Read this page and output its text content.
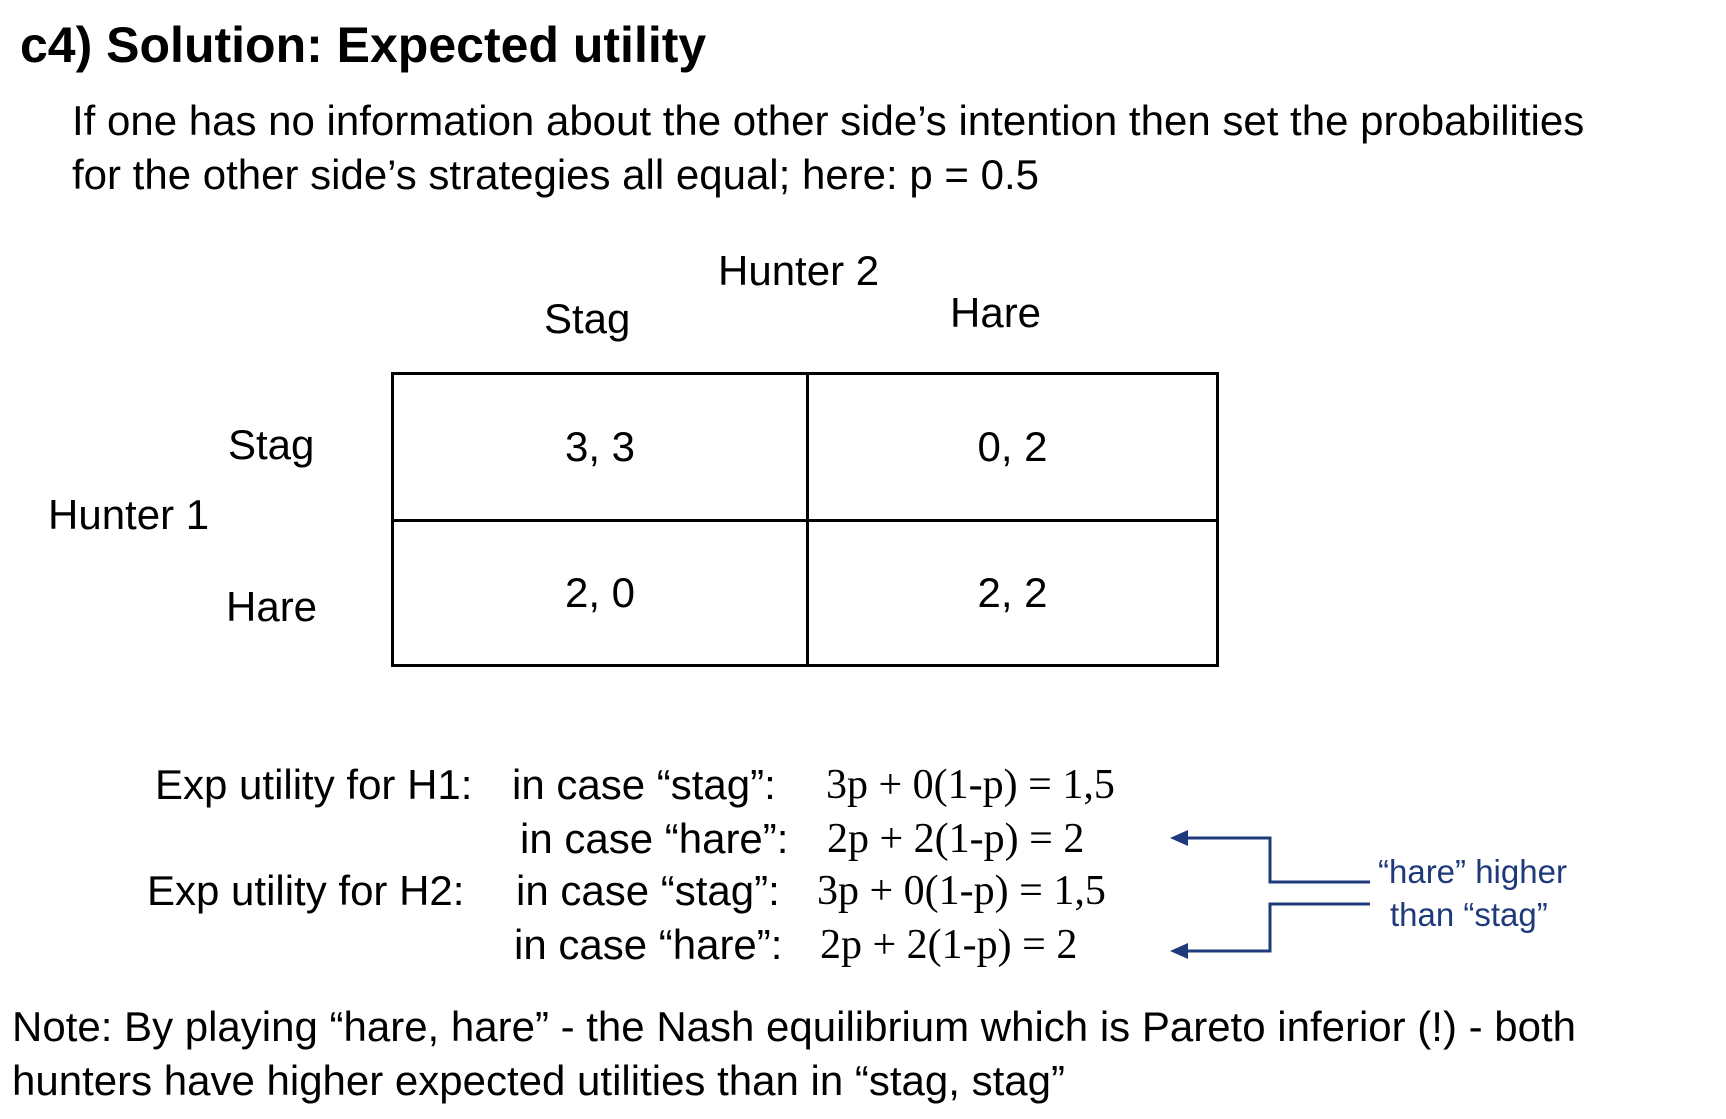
c4) Solution: Expected utility
If one has no information about the other side’s intention then set the probabilities
for the other side’s strategies all equal; here: p = 0.5
Hunter 2
Stag	Hare
Stag
Hunter 1
Hare
3, 3	0, 2
2, 0	2, 2
Exp utility for H1: in case “stag”: 3p + 0(1-p) = 1,5
in case “hare”: 2p + 2(1-p) = 2
Exp utility for H2: in case “stag”: 3p + 0(1-p) = 1,5
in case “hare”: 2p + 2(1-p) = 2
“hare” higher
than “stag”
Note: By playing “hare, hare” - the Nash equilibrium which is Pareto inferior (!) - both
hunters have higher expected utilities than in “stag, stag”
